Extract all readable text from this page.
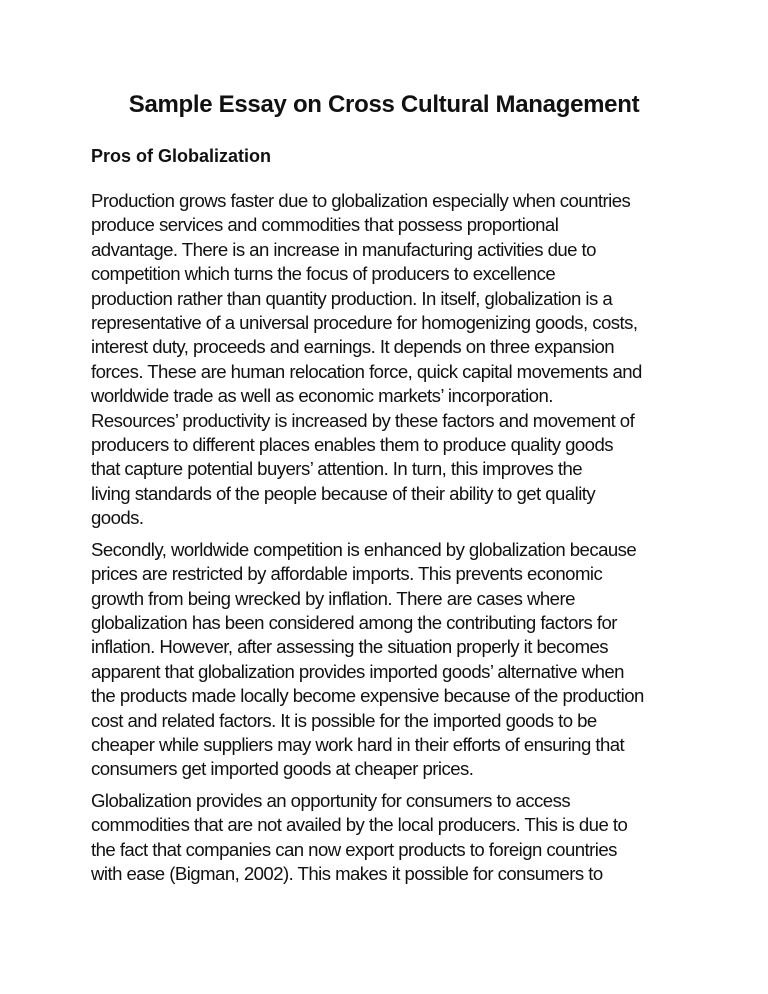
Sample Essay on Cross Cultural Management
Pros of Globalization

Production grows faster due to globalization especially when countries
produce services and commodities that possess proportional
advantage. There is an increase in manufacturing activities due to
competition which turns the focus of producers to excellence
production rather than quantity production. In itself, globalization is a
representative of a universal procedure for homogenizing goods, costs,
interest duty, proceeds and earnings. It depends on three expansion
forces. These are human relocation force, quick capital movements and
worldwide trade as well as economic markets’ incorporation.
Resources’ productivity is increased by these factors and movement of
producers to different places enables them to produce quality goods
that capture potential buyers’ attention. In turn, this improves the
living standards of the people because of their ability to get quality
goods.

Secondly, worldwide competition is enhanced by globalization because
prices are restricted by affordable imports. This prevents economic
growth from being wrecked by inflation. There are cases where
globalization has been considered among the contributing factors for
inflation. However, after assessing the situation properly it becomes
apparent that globalization provides imported goods’ alternative when
the products made locally become expensive because of the production
cost and related factors. It is possible for the imported goods to be
cheaper while suppliers may work hard in their efforts of ensuring that
consumers get imported goods at cheaper prices.

Globalization provides an opportunity for consumers to access
commodities that are not availed by the local producers. This is due to
the fact that companies can now export products to foreign countries
with ease (Bigman, 2002). This makes it possible for consumers to
